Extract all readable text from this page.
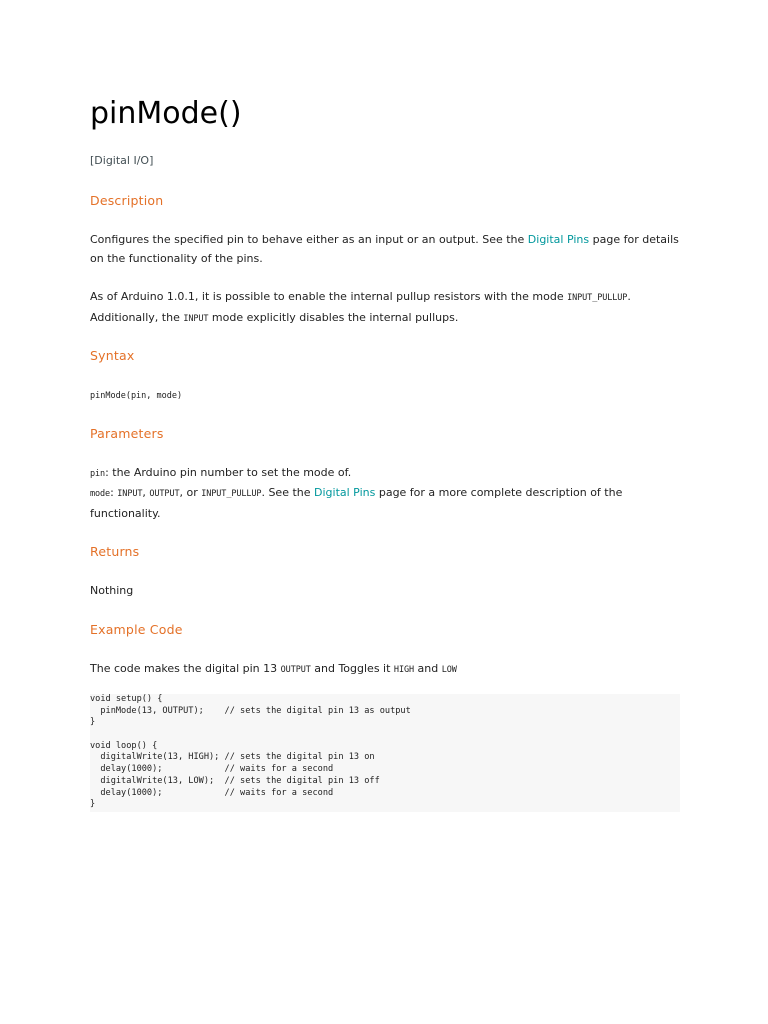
pinMode()
[Digital I/O]
Description

Configures the specified pin to behave either as an input or an output. See the Digital Pins page for details on the functionality of the pins.

As of Arduino 1.0.1, it is possible to enable the internal pullup resistors with the mode INPUT_PULLUP. Additionally, the INPUT mode explicitly disables the internal pullups.

Syntax
pinMode(pin, mode)
Parameters

pin: the Arduino pin number to set the mode of.

mode: INPUT, OUTPUT, or INPUT_PULLUP. See the Digital Pins page for a more complete description of the functionality.

Returns

Nothing

Example Code

The code makes the digital pin 13 OUTPUT and Toggles it HIGH and LOW

void setup() {
pinMode(13, OUTPUT);    // sets the digital pin 13 as output
}
void loop() {
digitalWrite(13, HIGH); // sets the digital pin 13 on
delay(1000);            // waits for a second
digitalWrite(13, LOW);  // sets the digital pin 13 off
delay(1000);            // waits for a second
}
